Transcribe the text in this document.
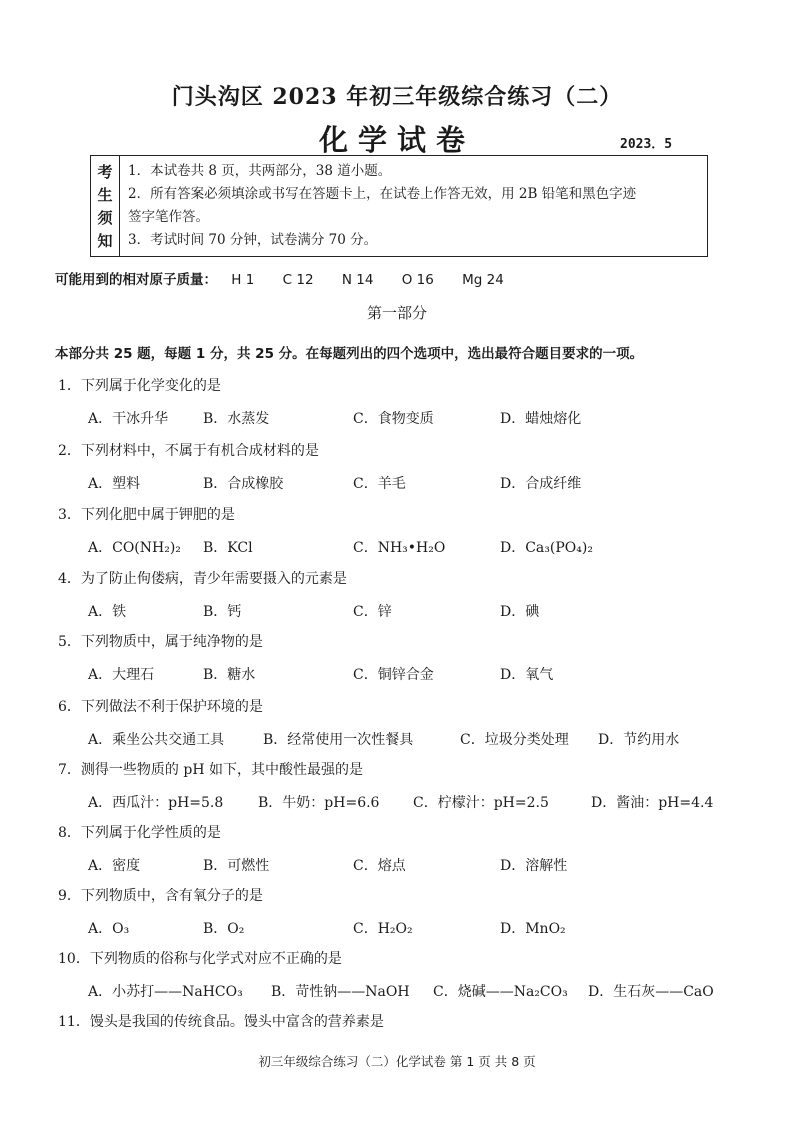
门头沟区 2023 年初三年级综合练习（二）
化学试卷	2023．5
考
生
须
知
1．本试卷共 8 页，共两部分，38 道小题。
2．所有答案必须填涂或书写在答题卡上，在试卷上作答无效，用 2B 铅笔和黑色字迹
签字笔作答。
3．考试时间 70 分钟，试卷满分 70 分。
可能用到的相对原子质量： H 1 C 12 N 14 O 16 Mg 24
第一部分
本部分共 25 题，每题 1 分，共 25 分。在每题列出的四个选项中，选出最符合题目要求的一项。
1．下列属于化学变化的是
A．干冰升华 B．水蒸发	C．食物变质	D．蜡烛熔化
2．下列材料中，不属于有机合成材料的是
A．塑料	B．合成橡胶	C．羊毛	D．合成纤维
3．下列化肥中属于钾肥的是
A．CO(NH₂)₂ B．KCl	C．NH₃•H₂O	D．Ca₃(PO₄)₂
4．为了防止佝偻病，青少年需要摄入的元素是
A．铁	B．钙	C．锌	D．碘
5．下列物质中，属于纯净物的是
A．大理石	B．糖水	C．铜锌合金	D．氧气
6．下列做法不利于保护环境的是
A．乘坐公共交通工具	B．经常使用一次性餐具	C．垃圾分类处理 D．节约用水
7．测得一些物质的 pH 如下，其中酸性最强的是
A．西瓜汁：pH=5.8 B．牛奶：pH=6.6 C．柠檬汁：pH=2.5	D．酱油：pH=4.4
8．下列属于化学性质的是
A．密度	B．可燃性	C．熔点	D．溶解性
9．下列物质中，含有氧分子的是
A．O₃	B．O₂	C．H₂O₂	D．MnO₂
10．下列物质的俗称与化学式对应不正确的是
A．小苏打——NaHCO₃ B．苛性钠——NaOH C．烧碱——Na₂CO₃ D．生石灰——CaO
11．馒头是我国的传统食品。馒头中富含的营养素是
初三年级综合练习（二）化学试卷 第 1 页 共 8 页
